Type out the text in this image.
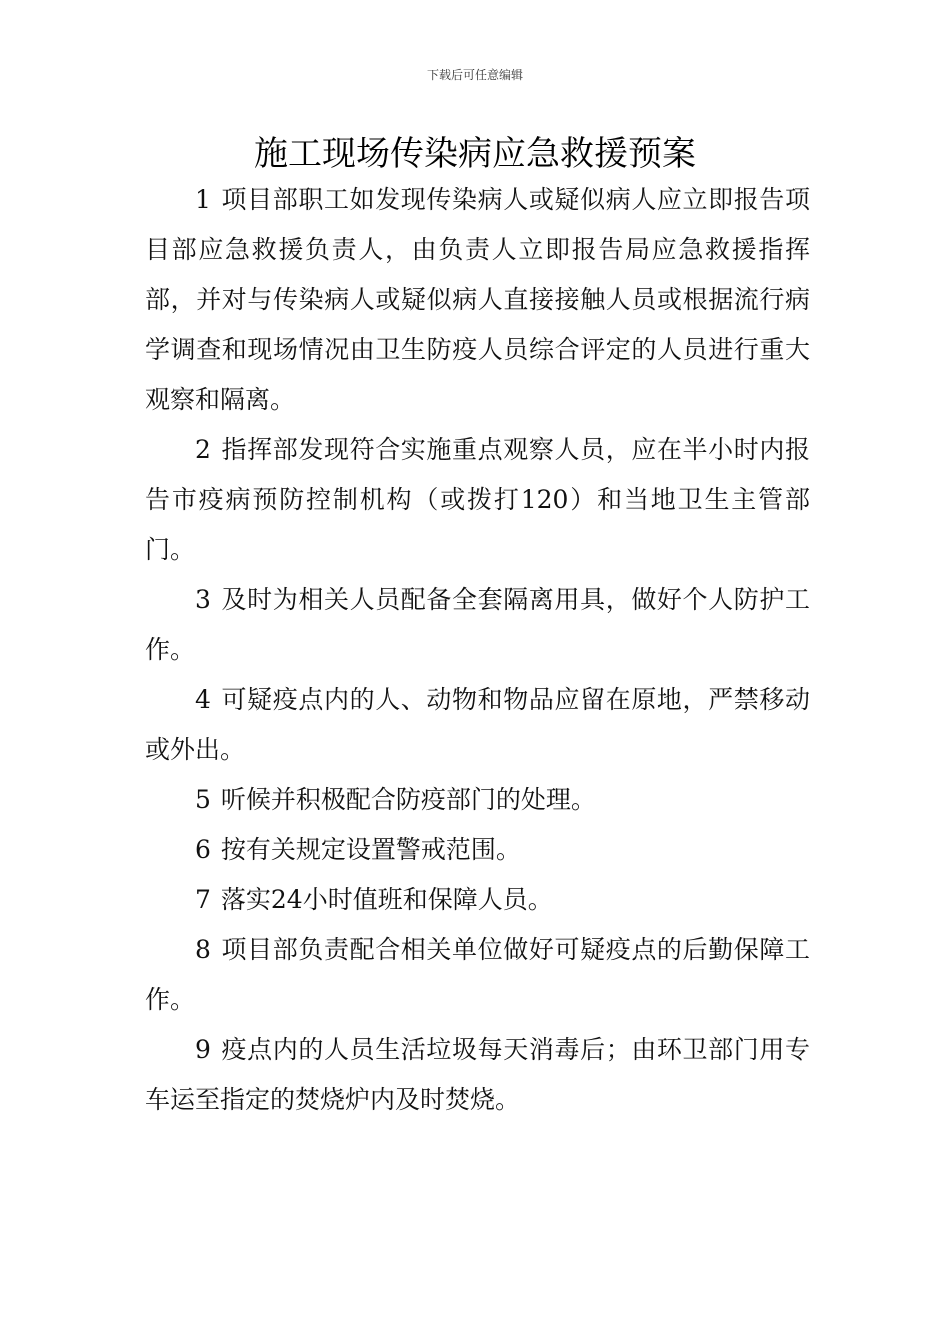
下载后可任意编辑
施工现场传染病应急救援预案

1 项目部职工如发现传染病人或疑似病人应立即报告项目部应急救援负责人，由负责人立即报告局应急救援指挥部，并对与传染病人或疑似病人直接接触人员或根据流行病学调查和现场情况由卫生防疫人员综合评定的人员进行重大观察和隔离。

2 指挥部发现符合实施重点观察人员，应在半小时内报告市疫病预防控制机构（或拨打120）和当地卫生主管部门。

3 及时为相关人员配备全套隔离用具，做好个人防护工作。

4 可疑疫点内的人、动物和物品应留在原地，严禁移动或外出。

5 听候并积极配合防疫部门的处理。

6 按有关规定设置警戒范围。

7 落实24小时值班和保障人员。

8 项目部负责配合相关单位做好可疑疫点的后勤保障工作。

9 疫点内的人员生活垃圾每天消毒后；由环卫部门用专车运至指定的焚烧炉内及时焚烧。
